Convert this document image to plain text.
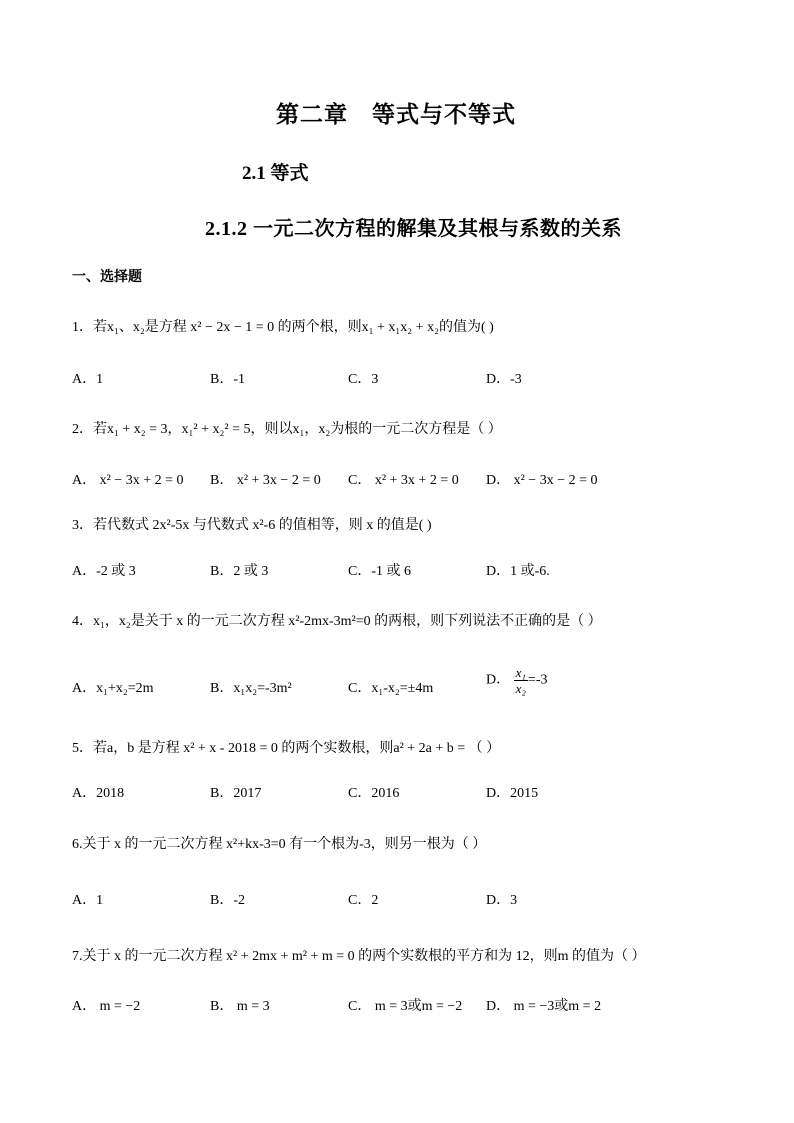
第二章　等式与不等式
2.1 等式
2.1.2 一元二次方程的解集及其根与系数的关系
一、选择题
1．若x₁、x₂是方程 x² − 2x − 1 = 0 的两个根，则x₁ + x₁x₂ + x₂的值为( )
A．1	B．-1	C．3	D．-3
2．若x₁ + x₂ = 3，x₁² + x₂² = 5，则以x₁，x₂为根的一元二次方程是（ ）
A． x² − 3x + 2 = 0 B． x² + 3x − 2 = 0 C． x² + 3x + 2 = 0 D． x² − 3x − 2 = 0
3．若代数式 2x²-5x 与代数式 x²-6 的值相等，则 x 的值是( )
A．-2 或 3	B．2 或 3	C．-1 或 6	D．1 或-6.
4．x₁，x₂是关于 x 的一元二次方程 x²-2mx-3m²=0 的两根，则下列说法不正确的是（ ）
A．x₁+x₂=2m	B．x₁x₂=-3m²	C．x₁-x₂=±4m
D． $\frac{\text{x₁}}{\text{x₂}} =-3$
5．若a，b 是方程 x² + x - 2018 = 0 的两个实数根，则a² + 2a + b = （ ）
A．2018	B．2017	C．2016	D．2015
6.关于 x 的一元二次方程 x²+kx-3=0 有一个根为-3，则另一根为（ ）
A．1	B．-2	C．2	D．3
7.关于 x 的一元二次方程 x² + 2mx + m² + m = 0 的两个实数根的平方和为 12，则m 的值为（ ）
A． m = −2	B． m = 3	C． m = 3或m = −2 D． m = −3或m = 2
